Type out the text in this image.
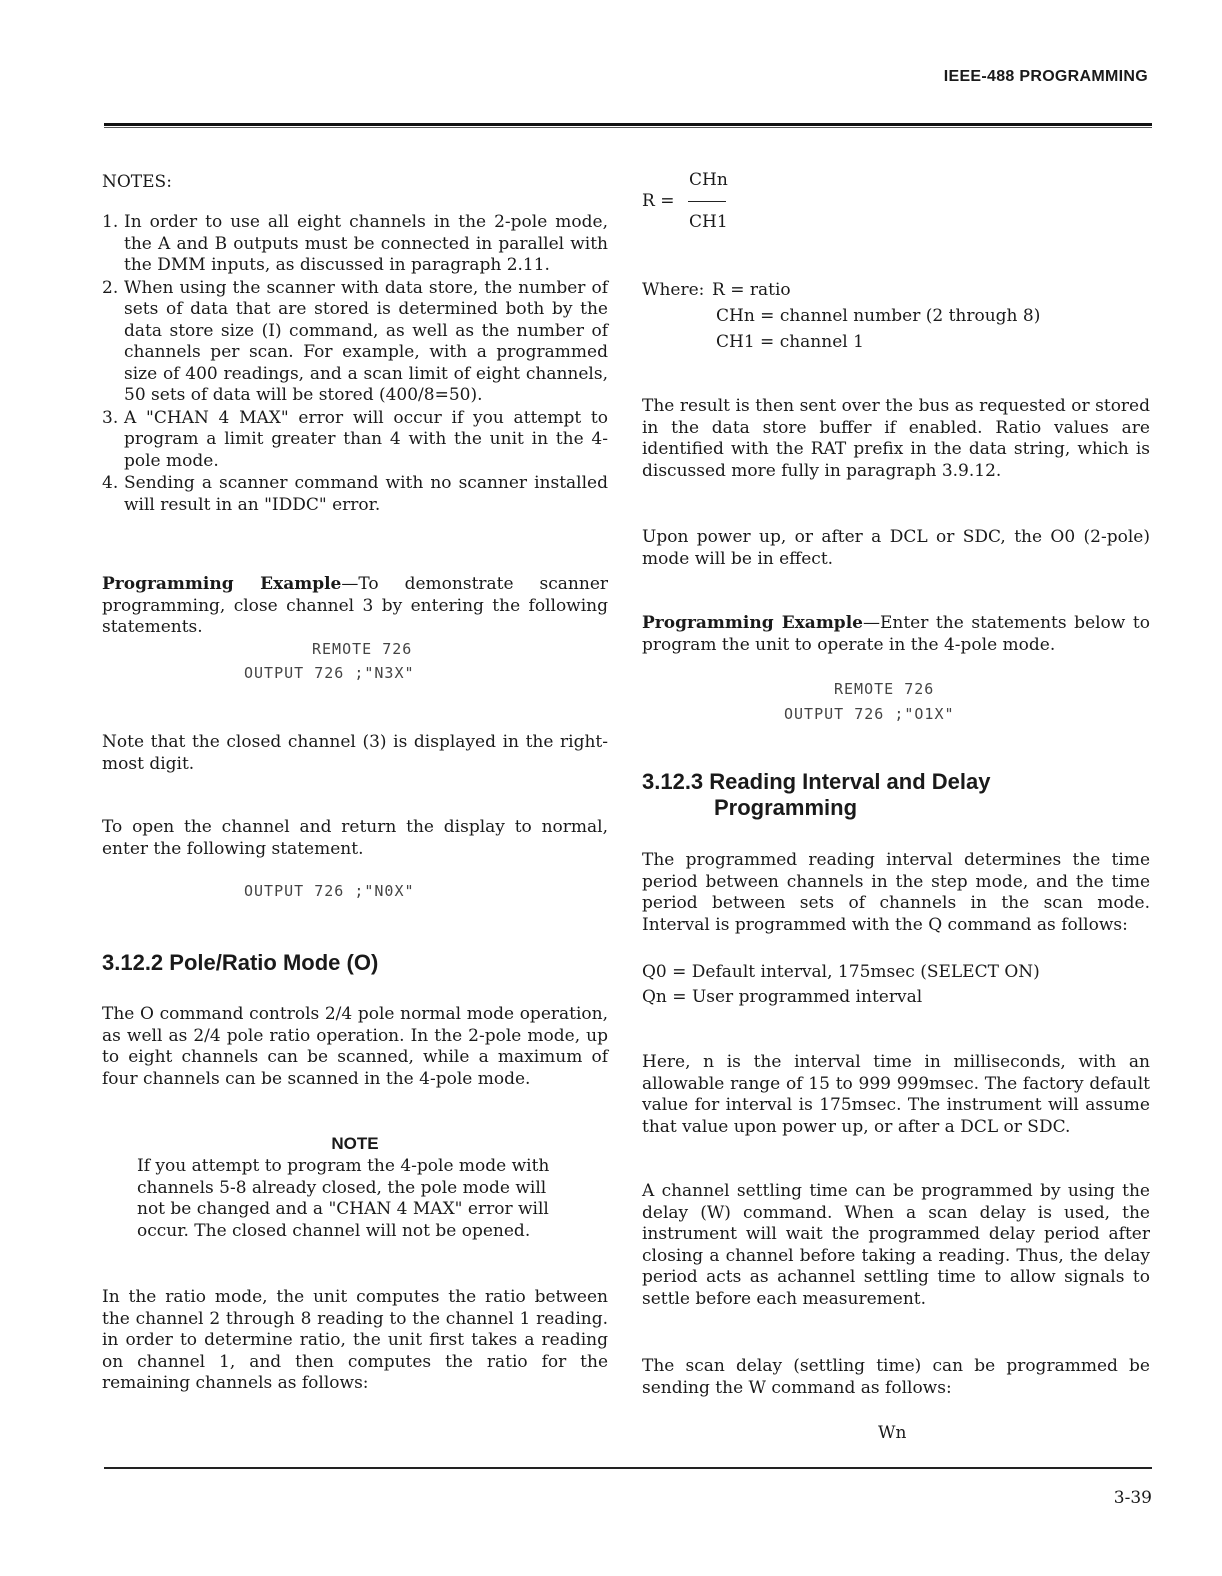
IEEE-488 PROGRAMMING
NOTES:
1. In order to use all eight channels in the 2-pole mode, the A and B outputs must be connected in parallel with the DMM inputs, as discussed in paragraph 2.11.
2. When using the scanner with data store, the number of sets of data that are stored is determined both by the data store size (I) command, as well as the number of channels per scan. For example, with a programmed size of 400 readings, and a scan limit of eight channels, 50 sets of data will be stored (400/8=50).
3. A "CHAN 4 MAX" error will occur if you attempt to program a limit greater than 4 with the unit in the 4-pole mode.
4. Sending a scanner command with no scanner installed will result in an "IDDC" error.

Programming Example—To demonstrate scanner programming, close channel 3 by entering the following statements.

REMOTE 726
OUTPUT 726 ;"N3X"

Note that the closed channel (3) is displayed in the right-most digit.

To open the channel and return the display to normal, enter the following statement.

OUTPUT 726 ;"N0X"
3.12.2 Pole/Ratio Mode (O)

The O command controls 2/4 pole normal mode operation, as well as 2/4 pole ratio operation. In the 2-pole mode, up to eight channels can be scanned, while a maximum of four channels can be scanned in the 4-pole mode.

NOTE

If you attempt to program the 4-pole mode with channels 5-8 already closed, the pole mode will not be changed and a "CHAN 4 MAX" error will occur. The closed channel will not be opened.

In the ratio mode, the unit computes the ratio between the channel 2 through 8 reading to the channel 1 reading. in order to determine ratio, the unit first takes a reading on channel 1, and then computes the ratio for the remaining channels as follows:

R =
CHn
CH1
Where: R = ratio
CHn = channel number (2 through 8)
CH1 = channel 1

The result is then sent over the bus as requested or stored in the data store buffer if enabled. Ratio values are identified with the RAT prefix in the data string, which is discussed more fully in paragraph 3.9.12.

Upon power up, or after a DCL or SDC, the O0 (2-pole) mode will be in effect.

Programming Example—Enter the statements below to program the unit to operate in the 4-pole mode.

REMOTE 726
OUTPUT 726 ;"O1X"
3.12.3 Reading Interval and Delay
Programming

The programmed reading interval determines the time period between channels in the step mode, and the time period between sets of channels in the scan mode. Interval is programmed with the Q command as follows:

Q0 = Default interval, 175msec (SELECT ON)
Qn = User programmed interval

Here, n is the interval time in milliseconds, with an allowable range of 15 to 999 999msec. The factory default value for interval is 175msec. The instrument will assume that value upon power up, or after a DCL or SDC.

A channel settling time can be programmed by using the delay (W) command. When a scan delay is used, the instrument will wait the programmed delay period after closing a channel before taking a reading. Thus, the delay period acts as achannel settling time to allow signals to settle before each measurement.

The scan delay (settling time) can be programmed be sending the W command as follows:

Wn
3-39
